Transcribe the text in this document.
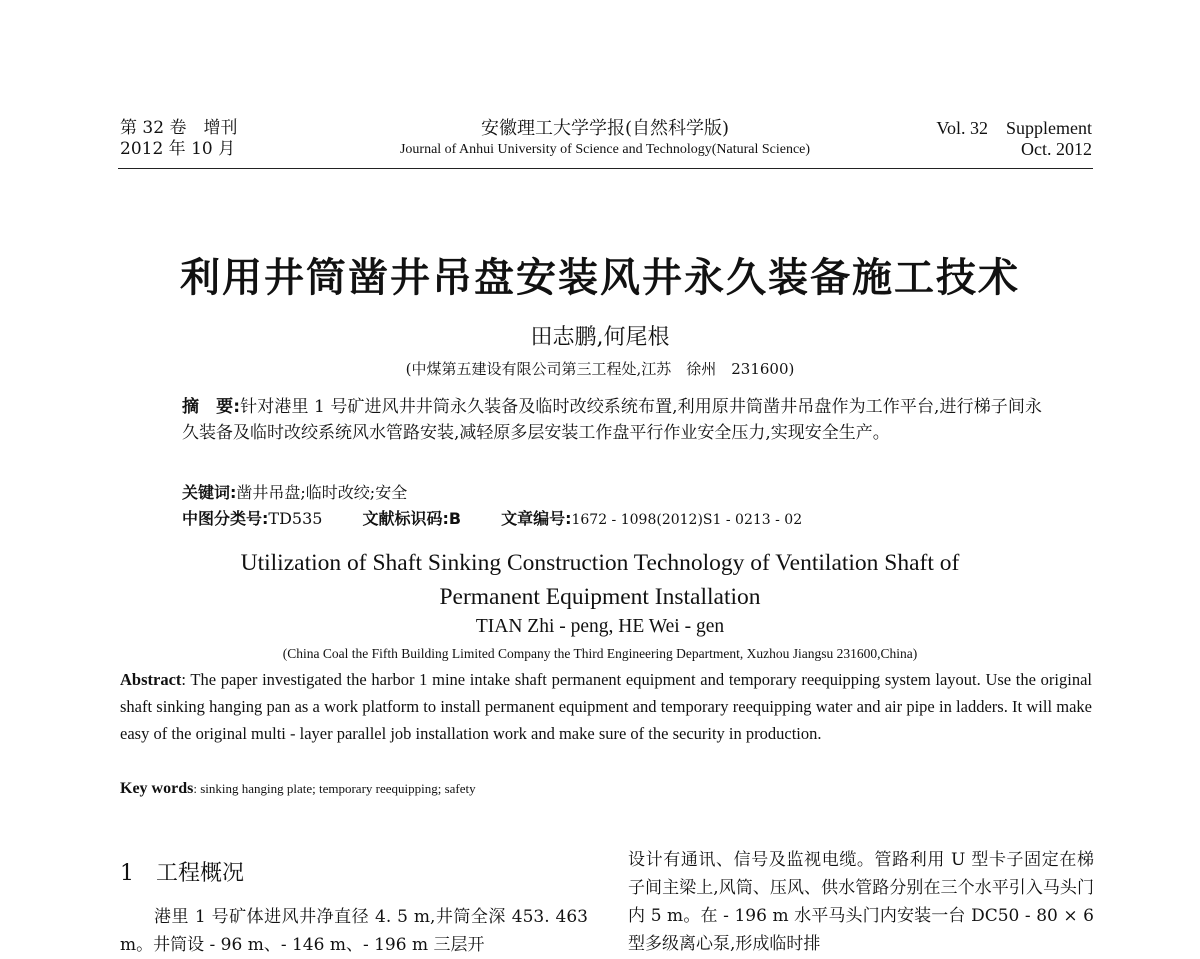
第 32 卷　增刊
2012 年 10 月
安徽理工大学学报(自然科学版)
Journal of Anhui University of Science and Technology(Natural Science)
Vol. 32 Supplement
Oct. 2012
利用井筒凿井吊盘安装风井永久装备施工技术
田志鹏,何尾根
(中煤第五建设有限公司第三工程处,江苏　徐州　231600)
摘　要:针对港里 1 号矿进风井井筒永久装备及临时改绞系统布置,利用原井筒凿井吊盘作为工作平台,进行梯子间永久装备及临时改绞系统风水管路安装,减轻原多层安装工作盘平行作业安全压力,实现安全生产。
关键词:凿井吊盘;临时改绞;安全
中图分类号:TD535	文献标识码:B	文章编号:1672 - 1098(2012)S1 - 0213 - 02
Utilization of Shaft Sinking Construction Technology of Ventilation Shaft of
Permanent Equipment Installation
TIAN Zhi - peng, HE Wei - gen
(China Coal the Fifth Building Limited Company the Third Engineering Department, Xuzhou Jiangsu 231600,China)
Abstract: The paper investigated the harbor 1 mine intake shaft permanent equipment and temporary reequipping system layout. Use the original shaft sinking hanging pan as a work platform to install permanent equipment and temporary reequipping water and air pipe in ladders. It will make easy of the original multi - layer parallel job installation work and make sure of the security in production.
Key words: sinking hanging plate; temporary reequipping; safety
1 工程概况
港里 1 号矿体进风井净直径 4. 5 m,井筒全深 453. 463 m。井筒设 - 96 m、- 146 m、- 196 m 三层开
设计有通讯、信号及监视电缆。管路利用 U 型卡子固定在梯子间主梁上,风筒、压风、供水管路分别在三个水平引入马头门内 5 m。在 - 196 m 水平马头门内安装一台 DC50 - 80 × 6 型多级离心泵,形成临时排
